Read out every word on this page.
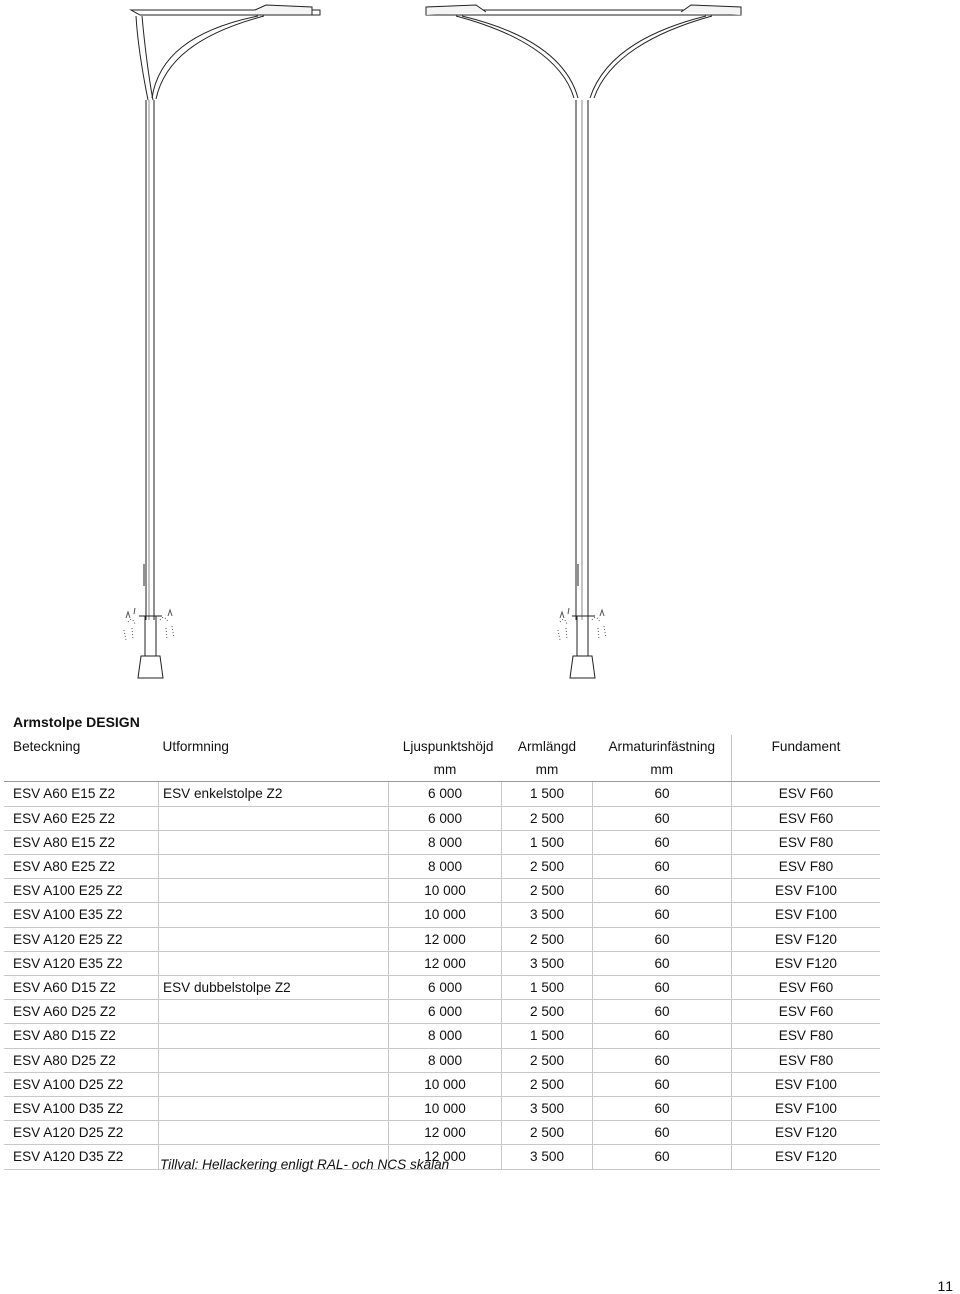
Armstolpe DESIGN
Beteckning	Utformning	Ljuspunktshöjd	Armlängd	Armaturinfästning	Fundament
		mm	mm	mm	
ESV A60 E15 Z2	ESV enkelstolpe Z2	6 000	1 500	60	ESV F60
ESV A60 E25 Z2		6 000	2 500	60	ESV F60
ESV A80 E15 Z2		8 000	1 500	60	ESV F80
ESV A80 E25 Z2		8 000	2 500	60	ESV F80
ESV A100 E25 Z2		10 000	2 500	60	ESV F100
ESV A100 E35 Z2		10 000	3 500	60	ESV F100
ESV A120 E25 Z2		12 000	2 500	60	ESV F120
ESV A120 E35 Z2		12 000	3 500	60	ESV F120
ESV A60 D15 Z2	ESV dubbelstolpe Z2	6 000	1 500	60	ESV F60
ESV A60 D25 Z2		6 000	2 500	60	ESV F60
ESV A80 D15 Z2		8 000	1 500	60	ESV F80
ESV A80 D25 Z2		8 000	2 500	60	ESV F80
ESV A100 D25 Z2		10 000	2 500	60	ESV F100
ESV A100 D35 Z2		10 000	3 500	60	ESV F100
ESV A120 D25 Z2		12 000	2 500	60	ESV F120
ESV A120 D35 Z2		12 000	3 500	60	ESV F120
Tillval: Hellackering enligt RAL- och NCS skalan
11
